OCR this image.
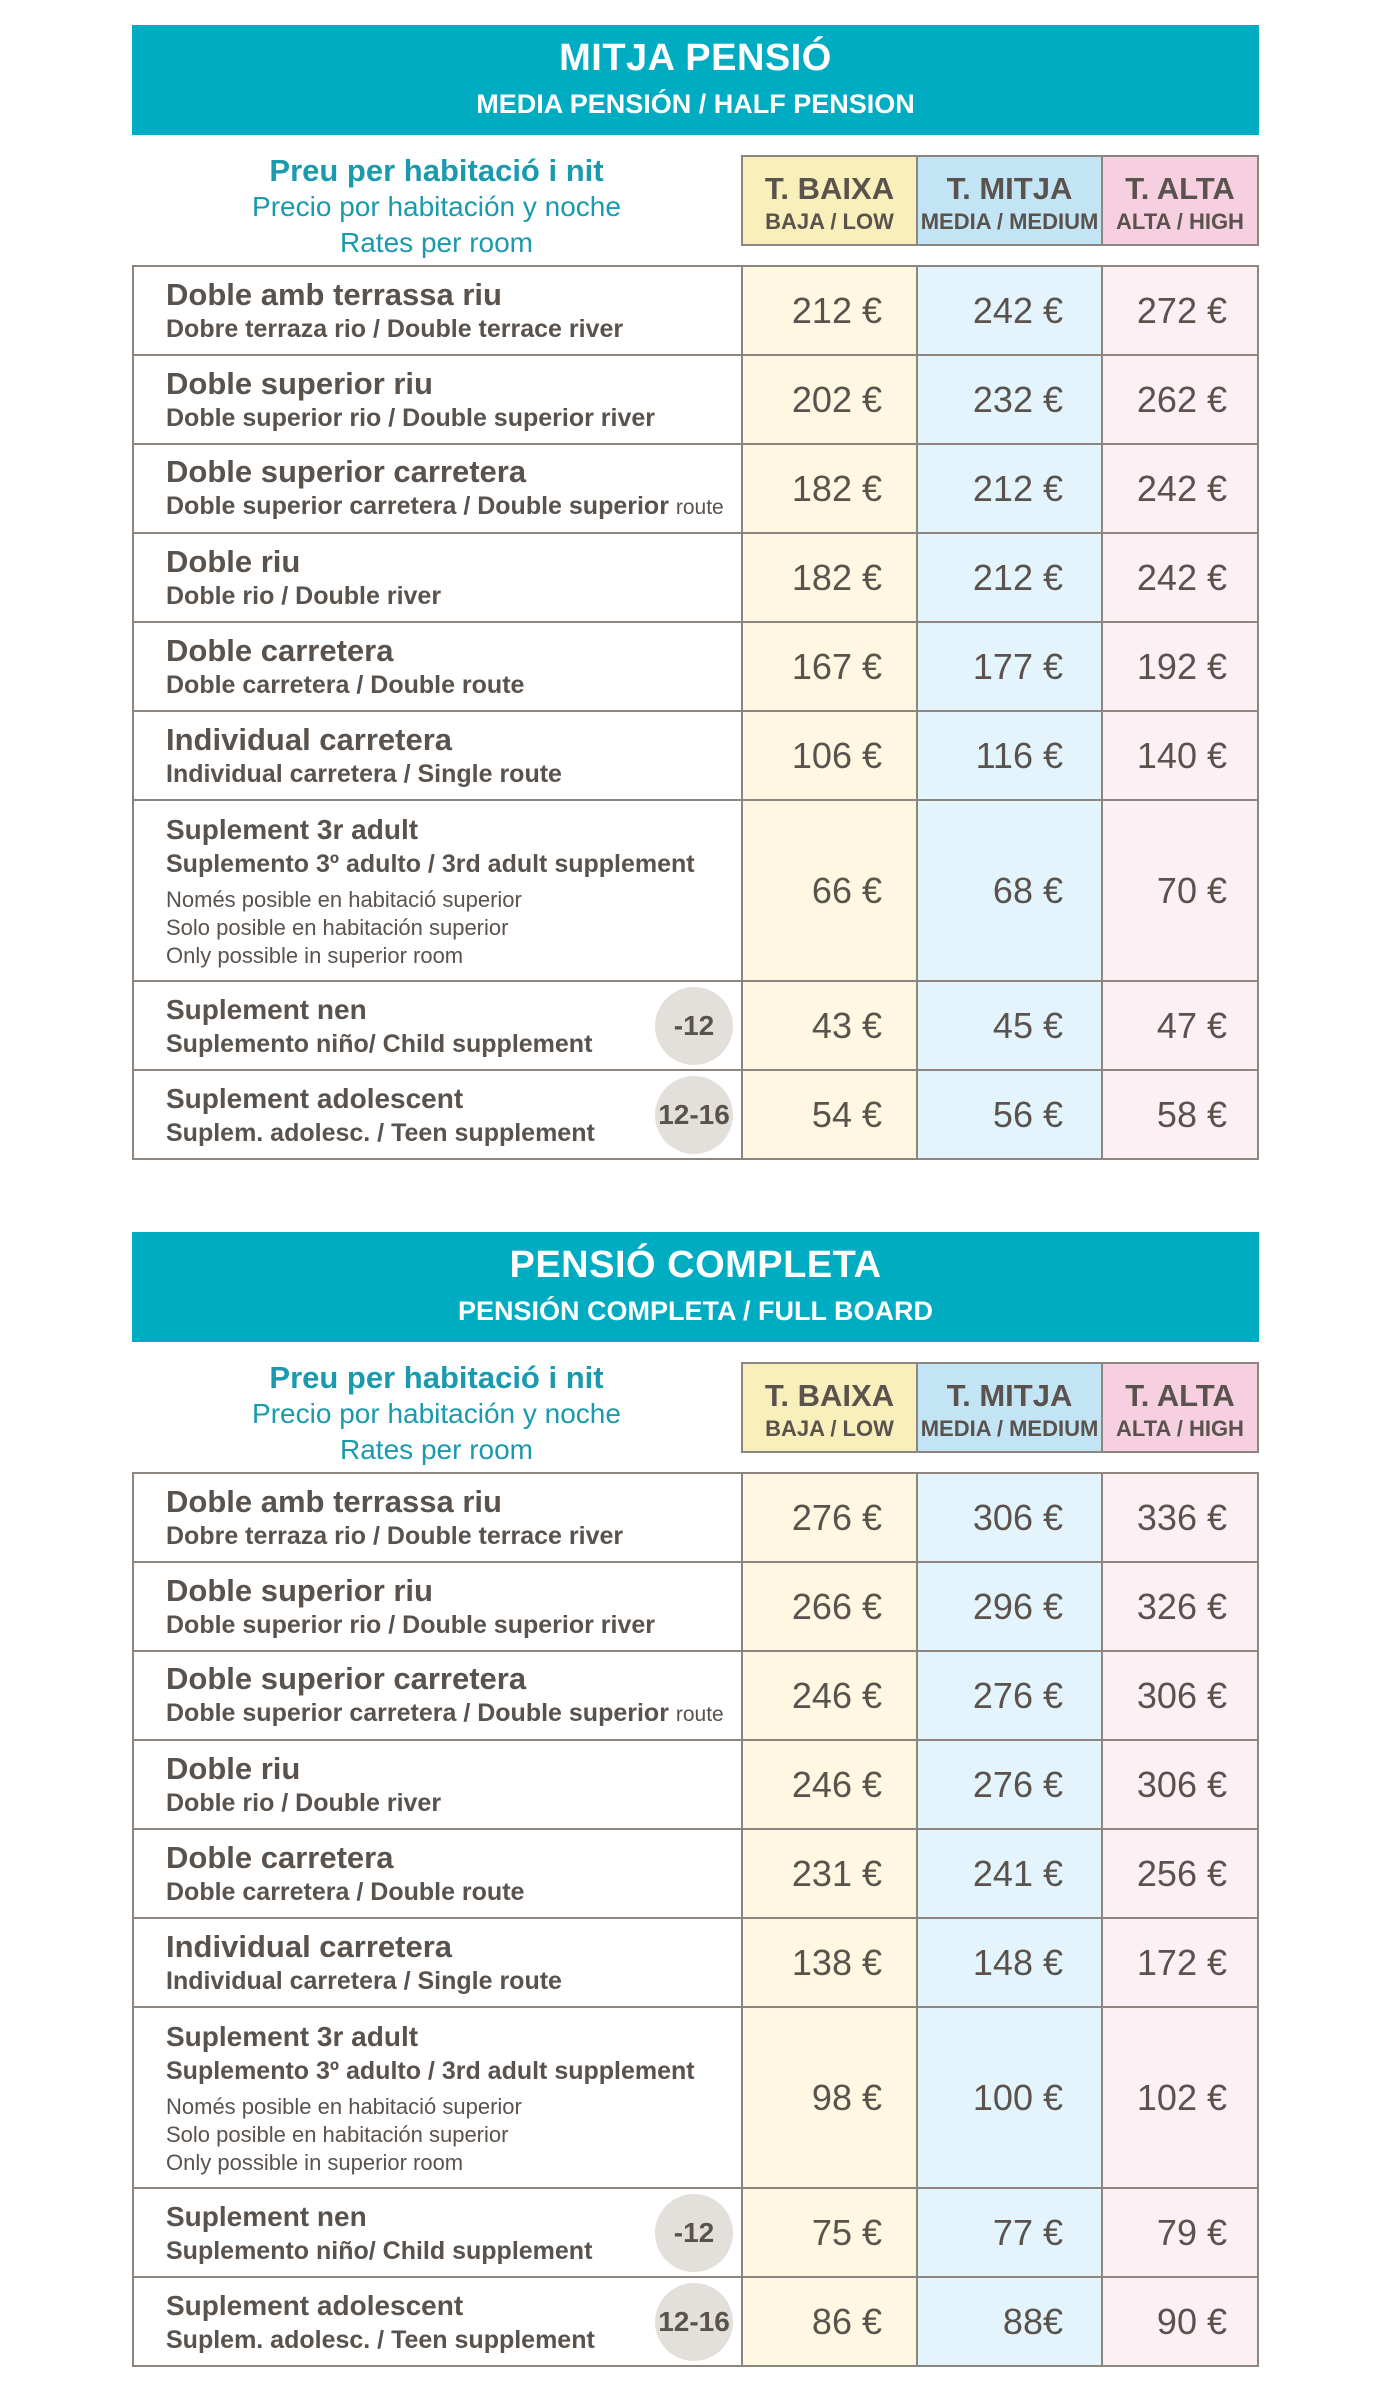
MITJA PENSIÓ
MEDIA PENSIÓN / HALF PENSION
Preu per habitació i nit
Precio por habitación y noche
Rates per room
T. BAIXA
BAJA / LOW
T. MITJA
MEDIA / MEDIUM
T. ALTA
ALTA / HIGH
Doble amb terrassa riu
Dobre terraza rio / Double terrace river	212 €	242 €	272 €
Doble superior riu
Doble superior rio / Double superior river	202 €	232 €	262 €
Doble superior carretera
Doble superior carretera / Double superior route	182 €	212 €	242 €
Doble riu
Doble rio / Double river	182 €	212 €	242 €
Doble carretera
Doble carretera / Double route	167 €	177 €	192 €
Individual carretera
Individual carretera / Single route	106 €	116 €	140 €
Suplement 3r adult
Suplemento 3º adulto / 3rd adult supplement
Només posible en habitació superior
Solo posible en habitación superior
Only possible in superior room
66 €	68 €	70 €
Suplement nen
Suplemento niño/ Child supplement
-12	43 €	45 €	47 €
Suplement adolescent
Suplem. adolesc. / Teen supplement
12-16	54 €	56 €	58 €
PENSIÓ COMPLETA
PENSIÓN COMPLETA / FULL BOARD
Preu per habitació i nit
Precio por habitación y noche
Rates per room
T. BAIXA
BAJA / LOW
T. MITJA
MEDIA / MEDIUM
T. ALTA
ALTA / HIGH
Doble amb terrassa riu
Dobre terraza rio / Double terrace river	276 €	306 €	336 €
Doble superior riu
Doble superior rio / Double superior river	266 €	296 €	326 €
Doble superior carretera
Doble superior carretera / Double superior route	246 €	276 €	306 €
Doble riu
Doble rio / Double river	246 €	276 €	306 €
Doble carretera
Doble carretera / Double route	231 €	241 €	256 €
Individual carretera
Individual carretera / Single route	138 €	148 €	172 €
Suplement 3r adult
Suplemento 3º adulto / 3rd adult supplement
Només posible en habitació superior
Solo posible en habitación superior
Only possible in superior room
98 €	100 €	102 €
Suplement nen
Suplemento niño/ Child supplement
-12	75 €	77 €	79 €
Suplement adolescent
Suplem. adolesc. / Teen supplement
12-16	86 €	88€	90 €
